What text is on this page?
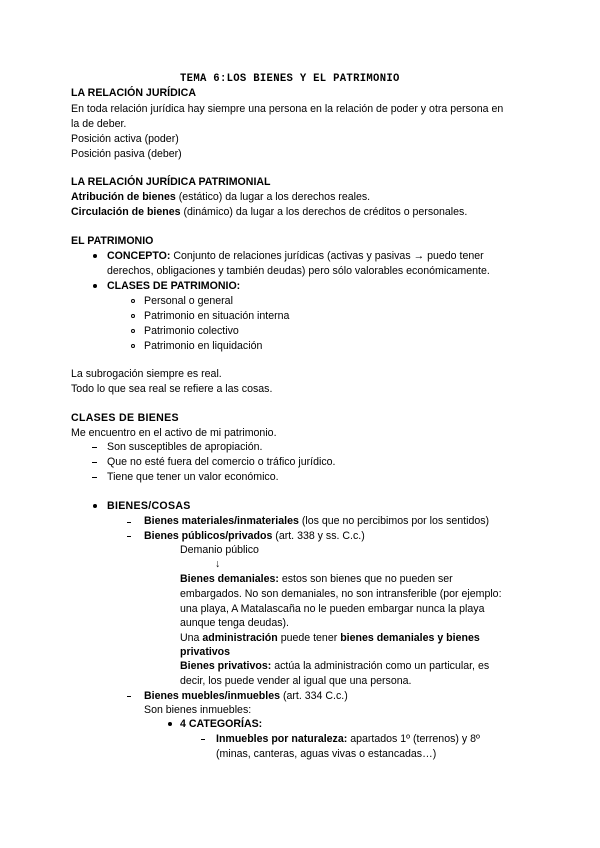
TEMA 6:LOS BIENES Y EL PATRIMONIO
LA RELACIÓN JURÍDICA
En toda relación jurídica hay siempre una persona en la relación de poder y otra persona en
la de deber.
Posición activa (poder)
Posición pasiva (deber)
LA RELACIÓN JURÍDICA PATRIMONIAL
Atribución de bienes (estático) da lugar a los derechos reales.
Circulación de bienes (dinámico) da lugar a los derechos de créditos o personales.
EL PATRIMONIO
CONCEPTO: Conjunto de relaciones jurídicas (activas y pasivas → puedo tener
derechos, obligaciones y también deudas) pero sólo valorables económicamente.
CLASES DE PATRIMONIO:
Personal o general
Patrimonio en situación interna
Patrimonio colectivo
Patrimonio en liquidación
La subrogación siempre es real.
Todo lo que sea real se refiere a las cosas.
CLASES DE BIENES
Me encuentro en el activo de mi patrimonio.
Son susceptibles de apropiación.
Que no esté fuera del comercio o tráfico jurídico.
Tiene que tener un valor económico.
BIENES/COSAS
Bienes materiales/inmateriales (los que no percibimos por los sentidos)
Bienes públicos/privados (art. 338 y ss. C.c.)
Demanio público
↓
Bienes demaniales: estos son bienes que no pueden ser
embargados. No son demaniales, no son intransferible (por ejemplo:
una playa, A Matalascaña no le pueden embargar nunca la playa
aunque tenga deudas).
Una administración puede tener bienes demaniales y bienes
privativos
Bienes privativos: actúa la administración como un particular, es
decir, los puede vender al igual que una persona.
Bienes muebles/inmuebles (art. 334 C.c.)
Son bienes inmuebles:
4 CATEGORÍAS:
Inmuebles por naturaleza: apartados 1º (terrenos) y 8º
(minas, canteras, aguas vivas o estancadas…)
